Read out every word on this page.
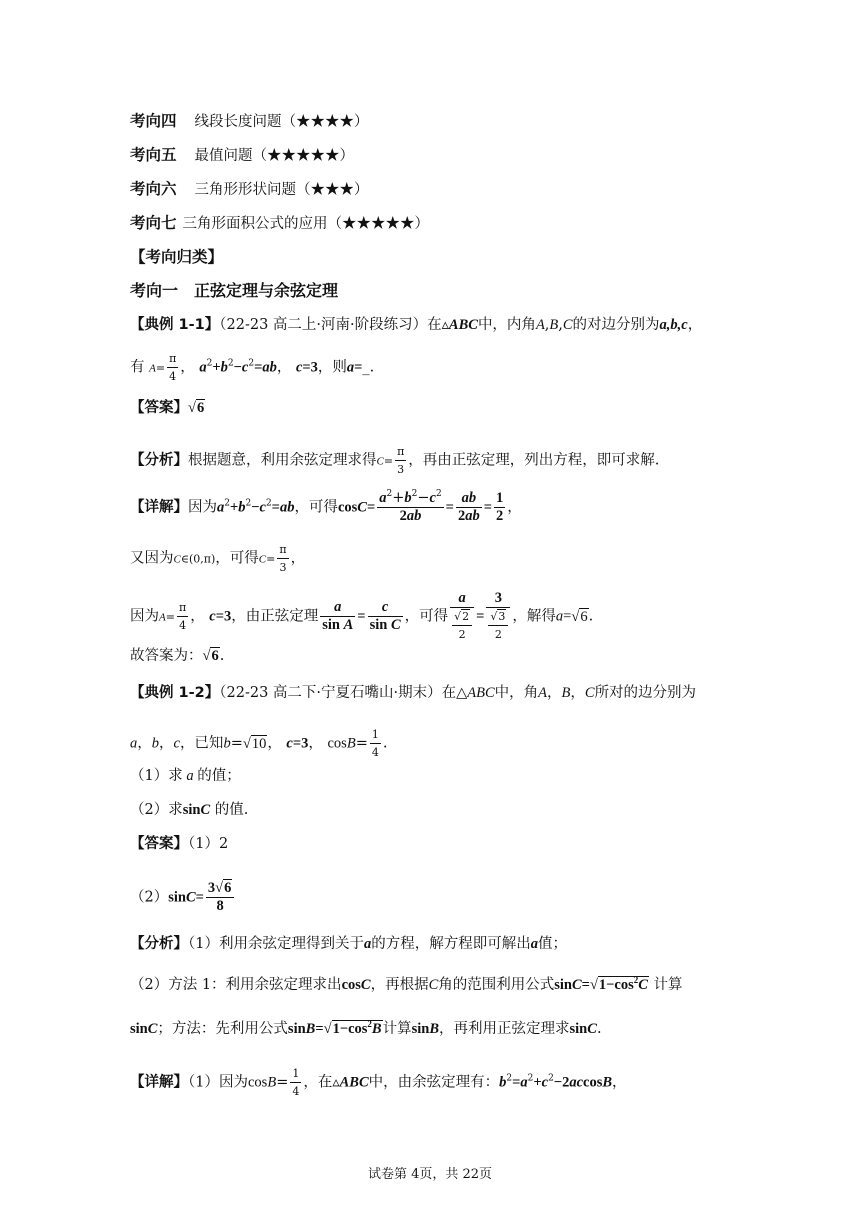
考向四 线段长度问题（★★★★）
考向五 最值问题（★★★★★）
考向六 三角形形状问题（★★★）
考向七 三角形面积公式的应用（★★★★★）
【考向归类】
考向一　正弦定理与余弦定理
【典例 1-1】（22-23 高二上·河南·阶段练习）在▵ABC中，内角A,B,C的对边分别为a,b,c，
有 $A= \frac{\pi}{4}$ ， $a^2+b^2-c^2=ab$， c=3，则a=_.
【答案】√6
【分析】根据题意，利用余弦定理求得$C= \frac{\pi}{3}$ ，再由正弦定理，列出方程，即可求解.
【详解】因为$a^2+b^2-c^2=ab$，可得$\cos C= \frac{a^2+b^2-c^2}{2ab} = \frac{ab}{2ab} = \frac{1}{2}$ ，
又因为C∈(0,π)，可得$C= \frac{\pi}{3}$ ，
因为$A= \frac{\pi}{4}$ ， c=3，由正弦定理 $\frac{a}{\text{sin A}} = \frac{c}{\text{sin C}}$ ，可得 $\frac{a}{\frac{√2}{2}} = \frac{3}{\frac{√3}{2}}$ ，解得a=√6.
故答案为：√6.
【典例 1-2】（22-23 高二下·宁夏石嘴山·期末）在△ABC中，角A，B，C所对的边分别为
a，b，c，已知b=√10， c=3， $\cos B= \frac{1}{4}$ .
（1）求 a 的值；
（2）求sinC 的值.
【答案】（1）2
$(2)\sin C= \frac{3√6}{8}$
【分析】（1）利用余弦定理得到关于a的方程，解方程即可解出a值；
（2）方法 1：利用余弦定理求出cosC，再根据C角的范围利用公式$\sin C=√1-\cos^2C$ 计算
sinC；方法：先利用公式$\sin B=√1-\cos^2B$计算sinB，再利用正弦定理求sinC.
【详解】（1）因为$\cos B= \frac{1}{4}$ ，在▵ABC中，由余弦定理有：$b^2=a^2+c^2-2accosB$，
试卷第 4页，共 22页
